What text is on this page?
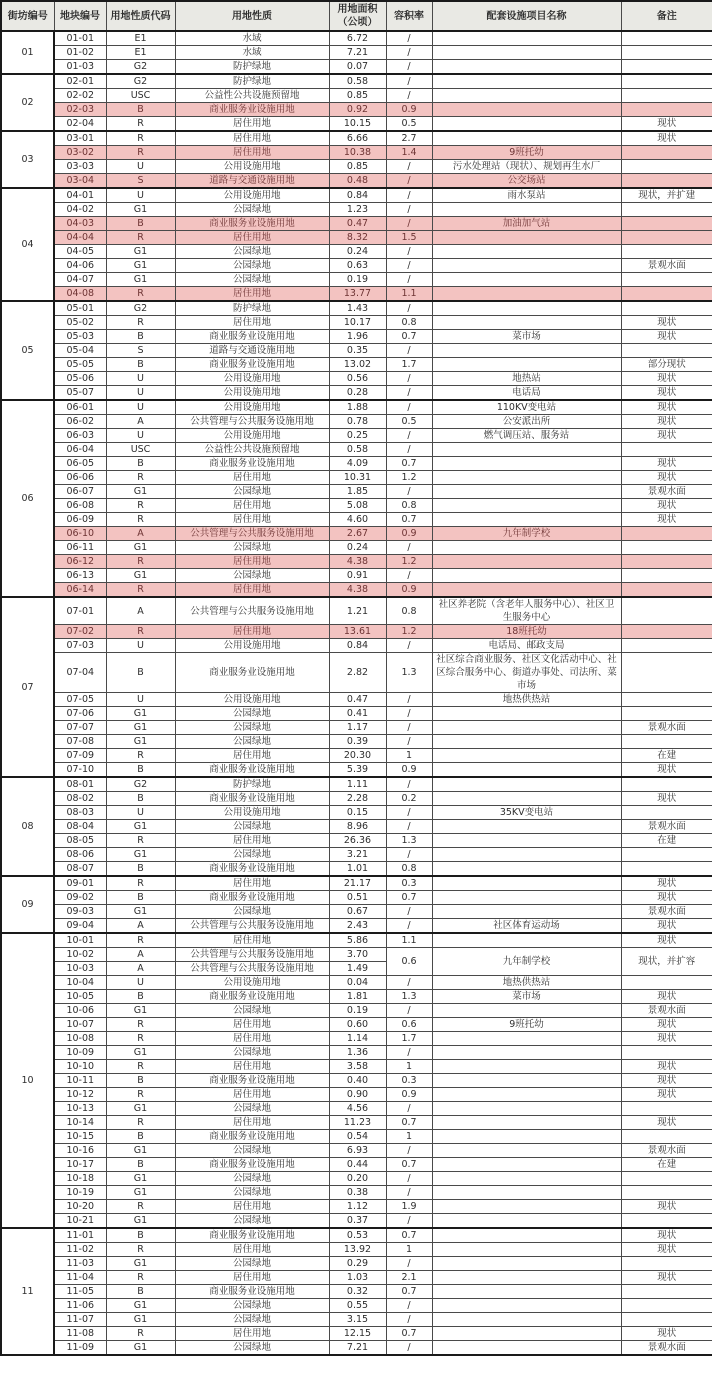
街坊编号	地块编号	用地性质代码	用地性质	用地面积（公顷）	容积率	配套设施项目名称	备注
01	01-01	E1	水域	6.72	/		
	01-02	E1	水域	7.21	/		
	01-03	G2	防护绿地	0.07	/		
02	02-01	G2	防护绿地	0.58	/		
	02-02	USC	公益性公共设施预留地	0.85	/		
	02-03	B	商业服务业设施用地	0.92	0.9		
	02-04	R	居住用地	10.15	0.5		现状
03	03-01	R	居住用地	6.66	2.7		现状
	03-02	R	居住用地	10.38	1.4	9班托幼	
	03-03	U	公用设施用地	0.85	/	污水处理站（现状）、规划再生水厂	
	03-04	S	道路与交通设施用地	0.48	/	公交场站	
04	04-01	U	公用设施用地	0.84	/	雨水泵站	现状，并扩建
	04-02	G1	公园绿地	1.23	/		
	04-03	B	商业服务业设施用地	0.47	/	加油加气站	
	04-04	R	居住用地	8.32	1.5		
	04-05	G1	公园绿地	0.24	/		
	04-06	G1	公园绿地	0.63	/		景观水面
	04-07	G1	公园绿地	0.19	/		
	04-08	R	居住用地	13.77	1.1		
05	05-01	G2	防护绿地	1.43	/		
	05-02	R	居住用地	10.17	0.8		现状
	05-03	B	商业服务业设施用地	1.96	0.7	菜市场	现状
	05-04	S	道路与交通设施用地	0.35	/		
	05-05	B	商业服务业设施用地	13.02	1.7		部分现状
	05-06	U	公用设施用地	0.56	/	地热站	现状
	05-07	U	公用设施用地	0.28	/	电话局	现状
06	06-01	U	公用设施用地	1.88	/	110KV变电站	现状
	06-02	A	公共管理与公共服务设施用地	0.78	0.5	公安派出所	现状
	06-03	U	公用设施用地	0.25	/	燃气调压站、服务站	现状
	06-04	USC	公益性公共设施预留地	0.58	/		
	06-05	B	商业服务业设施用地	4.09	0.7		现状
	06-06	R	居住用地	10.31	1.2		现状
	06-07	G1	公园绿地	1.85	/		景观水面
	06-08	R	居住用地	5.08	0.8		现状
	06-09	R	居住用地	4.60	0.7		现状
	06-10	A	公共管理与公共服务设施用地	2.67	0.9	九年制学校	
	06-11	G1	公园绿地	0.24	/		
	06-12	R	居住用地	4.38	1.2		
	06-13	G1	公园绿地	0.91	/		
	06-14	R	居住用地	4.38	0.9		
07	07-01	A	公共管理与公共服务设施用地	1.21	0.8	社区养老院（含老年人服务中心）、社区卫生服务中心	
	07-02	R	居住用地	13.61	1.2	18班托幼	
	07-03	U	公用设施用地	0.84	/	电话局、邮政支局	
	07-04	B	商业服务业设施用地	2.82	1.3	社区综合商业服务、社区文化活动中心、社区综合服务中心、街道办事处、司法所、菜市场	
	07-05	U	公用设施用地	0.47	/	地热供热站	
	07-06	G1	公园绿地	0.41	/		
	07-07	G1	公园绿地	1.17	/		景观水面
	07-08	G1	公园绿地	0.39	/		
	07-09	R	居住用地	20.30	1		在建
	07-10	B	商业服务业设施用地	5.39	0.9		现状
08	08-01	G2	防护绿地	1.11	/		
	08-02	B	商业服务业设施用地	2.28	0.2		现状
	08-03	U	公用设施用地	0.15	/	35KV变电站	
	08-04	G1	公园绿地	8.96	/		景观水面
	08-05	R	居住用地	26.36	1.3		在建
	08-06	G1	公园绿地	3.21	/		
	08-07	B	商业服务业设施用地	1.01	0.8		
09	09-01	R	居住用地	21.17	0.3		现状
	09-02	B	商业服务业设施用地	0.51	0.7		现状
	09-03	G1	公园绿地	0.67	/		景观水面
	09-04	A	公共管理与公共服务设施用地	2.43	/	社区体育运动场	现状
10	10-01	R	居住用地	5.86	1.1		现状
	10-02	A	公共管理与公共服务设施用地	3.70	0.6	九年制学校	现状，并扩容
	10-03	A	公共管理与公共服务设施用地	1.49			
	10-04	U	公用设施用地	0.04	/	地热供热站	
	10-05	B	商业服务业设施用地	1.81	1.3	菜市场	现状
	10-06	G1	公园绿地	0.19	/		景观水面
	10-07	R	居住用地	0.60	0.6	9班托幼	现状
	10-08	R	居住用地	1.14	1.7		现状
	10-09	G1	公园绿地	1.36	/		
	10-10	R	居住用地	3.58	1		现状
	10-11	B	商业服务业设施用地	0.40	0.3		现状
	10-12	R	居住用地	0.90	0.9		现状
	10-13	G1	公园绿地	4.56	/		
	10-14	R	居住用地	11.23	0.7		现状
	10-15	B	商业服务业设施用地	0.54	1		
	10-16	G1	公园绿地	6.93	/		景观水面
	10-17	B	商业服务业设施用地	0.44	0.7		在建
	10-18	G1	公园绿地	0.20	/		
	10-19	G1	公园绿地	0.38	/		
	10-20	R	居住用地	1.12	1.9		现状
	10-21	G1	公园绿地	0.37	/		
11	11-01	B	商业服务业设施用地	0.53	0.7		现状
	11-02	R	居住用地	13.92	1		现状
	11-03	G1	公园绿地	0.29	/		
	11-04	R	居住用地	1.03	2.1		现状
	11-05	B	商业服务业设施用地	0.32	0.7		
	11-06	G1	公园绿地	0.55	/		
	11-07	G1	公园绿地	3.15	/		
	11-08	R	居住用地	12.15	0.7		现状
	11-09	G1	公园绿地	7.21	/		景观水面
